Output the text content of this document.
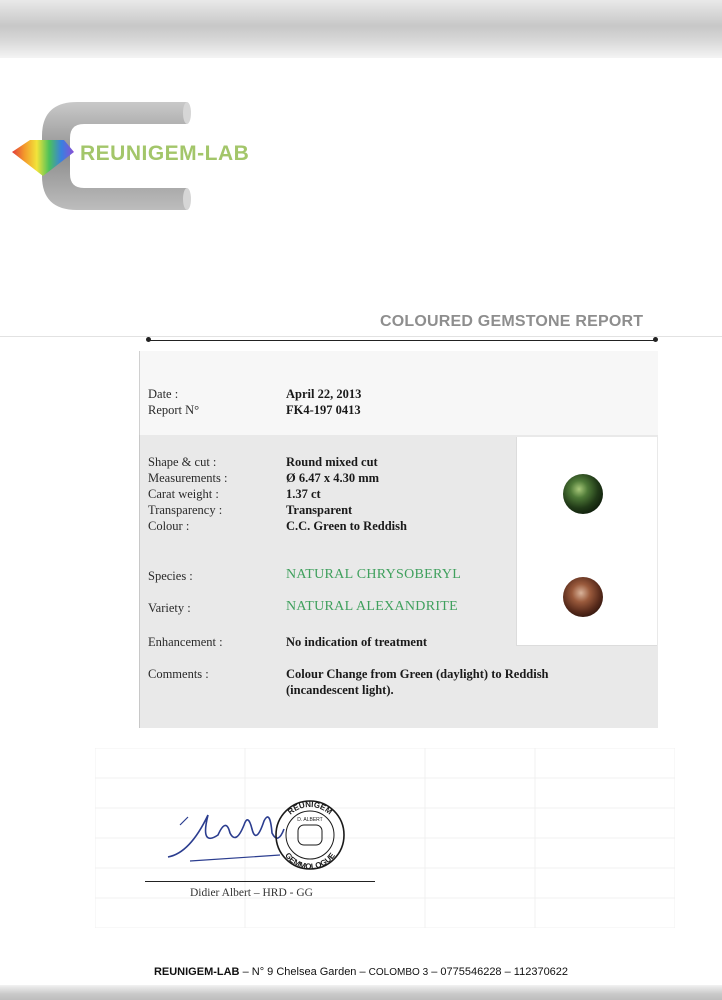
REUNIGEM-LAB
COLOURED GEMSTONE REPORT
Date :	April 22, 2013
Report N°	FK4-197 0413
Shape & cut :	Round mixed cut
Measurements :	Ø 6.47 x 4.30 mm
Carat weight :	1.37 ct
Transparency :	Transparent
Colour :	C.C. Green to Reddish
Species :	NATURAL CHRYSOBERYL
Variety :	NATURAL ALEXANDRITE
Enhancement :	No indication of treatment
Comments :	Colour Change from Green (daylight) to Reddish
(incandescent light).
REUNIGEM
D. ALBERT
GEMMOLOGUE
Didier Albert – HRD - GG
REUNIGEM-LAB – N° 9 Chelsea Garden – COLOMBO 3 – 0775546228 – 112370622
